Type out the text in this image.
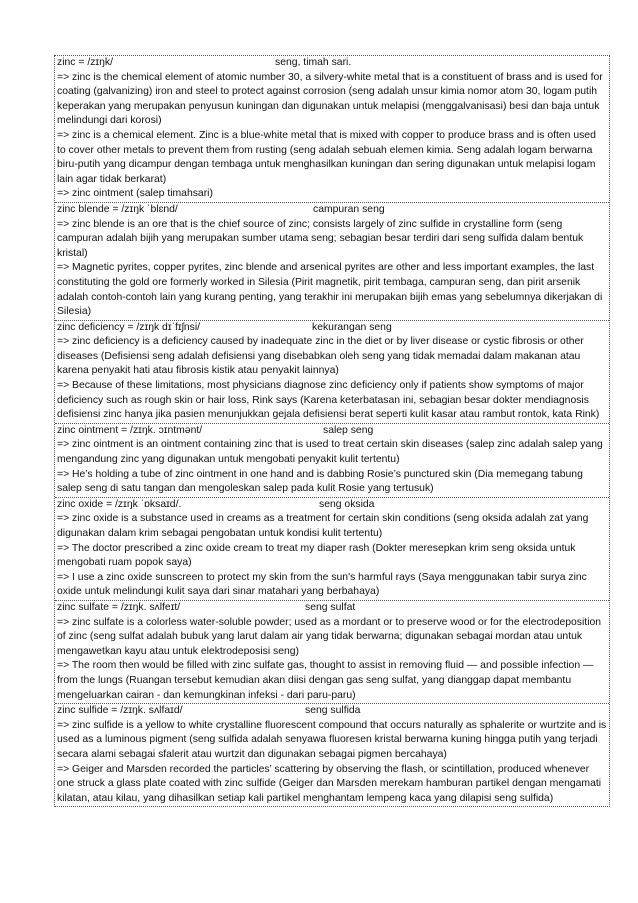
zinc = /zɪŋk/	seng, timah sari.

=> zinc is the chemical element of atomic number 30, a silvery-white metal that is a constituent of brass and is used for coating (galvanizing) iron and steel to protect against corrosion (seng adalah unsur kimia nomor atom 30, logam putih keperakan yang merupakan penyusun kuningan dan digunakan untuk melapisi (menggalvanisasi) besi dan baja untuk melindungi dari korosi)

=> zinc is a chemical element. Zinc is a blue-white metal that is mixed with copper to produce brass and is often used to cover other metals to prevent them from rusting (seng adalah sebuah elemen kimia. Seng adalah logam berwarna biru-putih yang dicampur dengan tembaga untuk menghasilkan kuningan dan sering digunakan untuk melapisi logam lain agar tidak berkarat)

=> zinc ointment (salep timahsari)

zinc blende = /zɪŋk ˈblɛnd/	campuran seng

=> zinc blende is an ore that is the chief source of zinc; consists largely of zinc sulfide in crystalline form (seng campuran adalah bijih yang merupakan sumber utama seng; sebagian besar terdiri dari seng sulfida dalam bentuk kristal)

=> Magnetic pyrites, copper pyrites, zinc blende and arsenical pyrites are other and less important examples, the last constituting the gold ore formerly worked in Silesia (Pirit magnetik, pirit tembaga, campuran seng, dan pirit arsenik adalah contoh-contoh lain yang kurang penting, yang terakhir ini merupakan bijih emas yang sebelumnya dikerjakan di Silesia)

zinc deficiency = /zɪŋk dɪˈfɪʃnsi/	kekurangan seng

=> zinc deficiency is a deficiency caused by inadequate zinc in the diet or by liver disease or cystic fibrosis or other diseases (Defisiensi seng adalah defisiensi yang disebabkan oleh seng yang tidak memadai dalam makanan atau karena penyakit hati atau fibrosis kistik atau penyakit lainnya)

=> Because of these limitations, most physicians diagnose zinc deficiency only if patients show symptoms of major deficiency such as rough skin or hair loss, Rink says (Karena keterbatasan ini, sebagian besar dokter mendiagnosis defisiensi zinc hanya jika pasien menunjukkan gejala defisiensi berat seperti kulit kasar atau rambut rontok, kata Rink)

zinc ointment = /zɪŋk. ɔɪntmənt/	salep seng

=> zinc ointment is an ointment containing zinc that is used to treat certain skin diseases (salep zinc adalah salep yang mengandung zinc yang digunakan untuk mengobati penyakit kulit tertentu)

=> He’s holding a tube of zinc ointment in one hand and is dabbing Rosie’s punctured skin (Dia memegang tabung salep seng di satu tangan dan mengoleskan salep pada kulit Rosie yang tertusuk)

zinc oxide = /zɪŋk ˈɒksaɪd/.	seng oksida

=> zinc oxide is a substance used in creams as a treatment for certain skin conditions (seng oksida adalah zat yang digunakan dalam krim sebagai pengobatan untuk kondisi kulit tertentu)

=> The doctor prescribed a zinc oxide cream to treat my diaper rash (Dokter meresepkan krim seng oksida untuk mengobati ruam popok saya)

=> I use a zinc oxide sunscreen to protect my skin from the sun's harmful rays (Saya menggunakan tabir surya zinc oxide untuk melindungi kulit saya dari sinar matahari yang berbahaya)

zinc sulfate = /zɪŋk. sʌlfeɪt/	seng sulfat

=> zinc sulfate is a colorless water-soluble powder; used as a mordant or to preserve wood or for the electrodeposition of zinc (seng sulfat adalah bubuk yang larut dalam air yang tidak berwarna; digunakan sebagai mordan atau untuk mengawetkan kayu atau untuk elektrodeposisi seng)

=> The room then would be filled with zinc sulfate gas, thought to assist in removing fluid — and possible infection — from the lungs (Ruangan tersebut kemudian akan diisi dengan gas seng sulfat, yang dianggap dapat membantu mengeluarkan cairan - dan kemungkinan infeksi - dari paru-paru)

zinc sulfide = /zɪŋk. sʌlfaɪd/	seng sulfida

=> zinc sulfide is a yellow to white crystalline fluorescent compound that occurs naturally as sphalerite or wurtzite and is used as a luminous pigment (seng sulfida adalah senyawa fluoresen kristal berwarna kuning hingga putih yang terjadi secara alami sebagai sfalerit atau wurtzit dan digunakan sebagai pigmen bercahaya)

=> Geiger and Marsden recorded the particles’ scattering by observing the flash, or scintillation, produced whenever one struck a glass plate coated with zinc sulfide (Geiger dan Marsden merekam hamburan partikel dengan mengamati kilatan, atau kilau, yang dihasilkan setiap kali partikel menghantam lempeng kaca yang dilapisi seng sulfida)
